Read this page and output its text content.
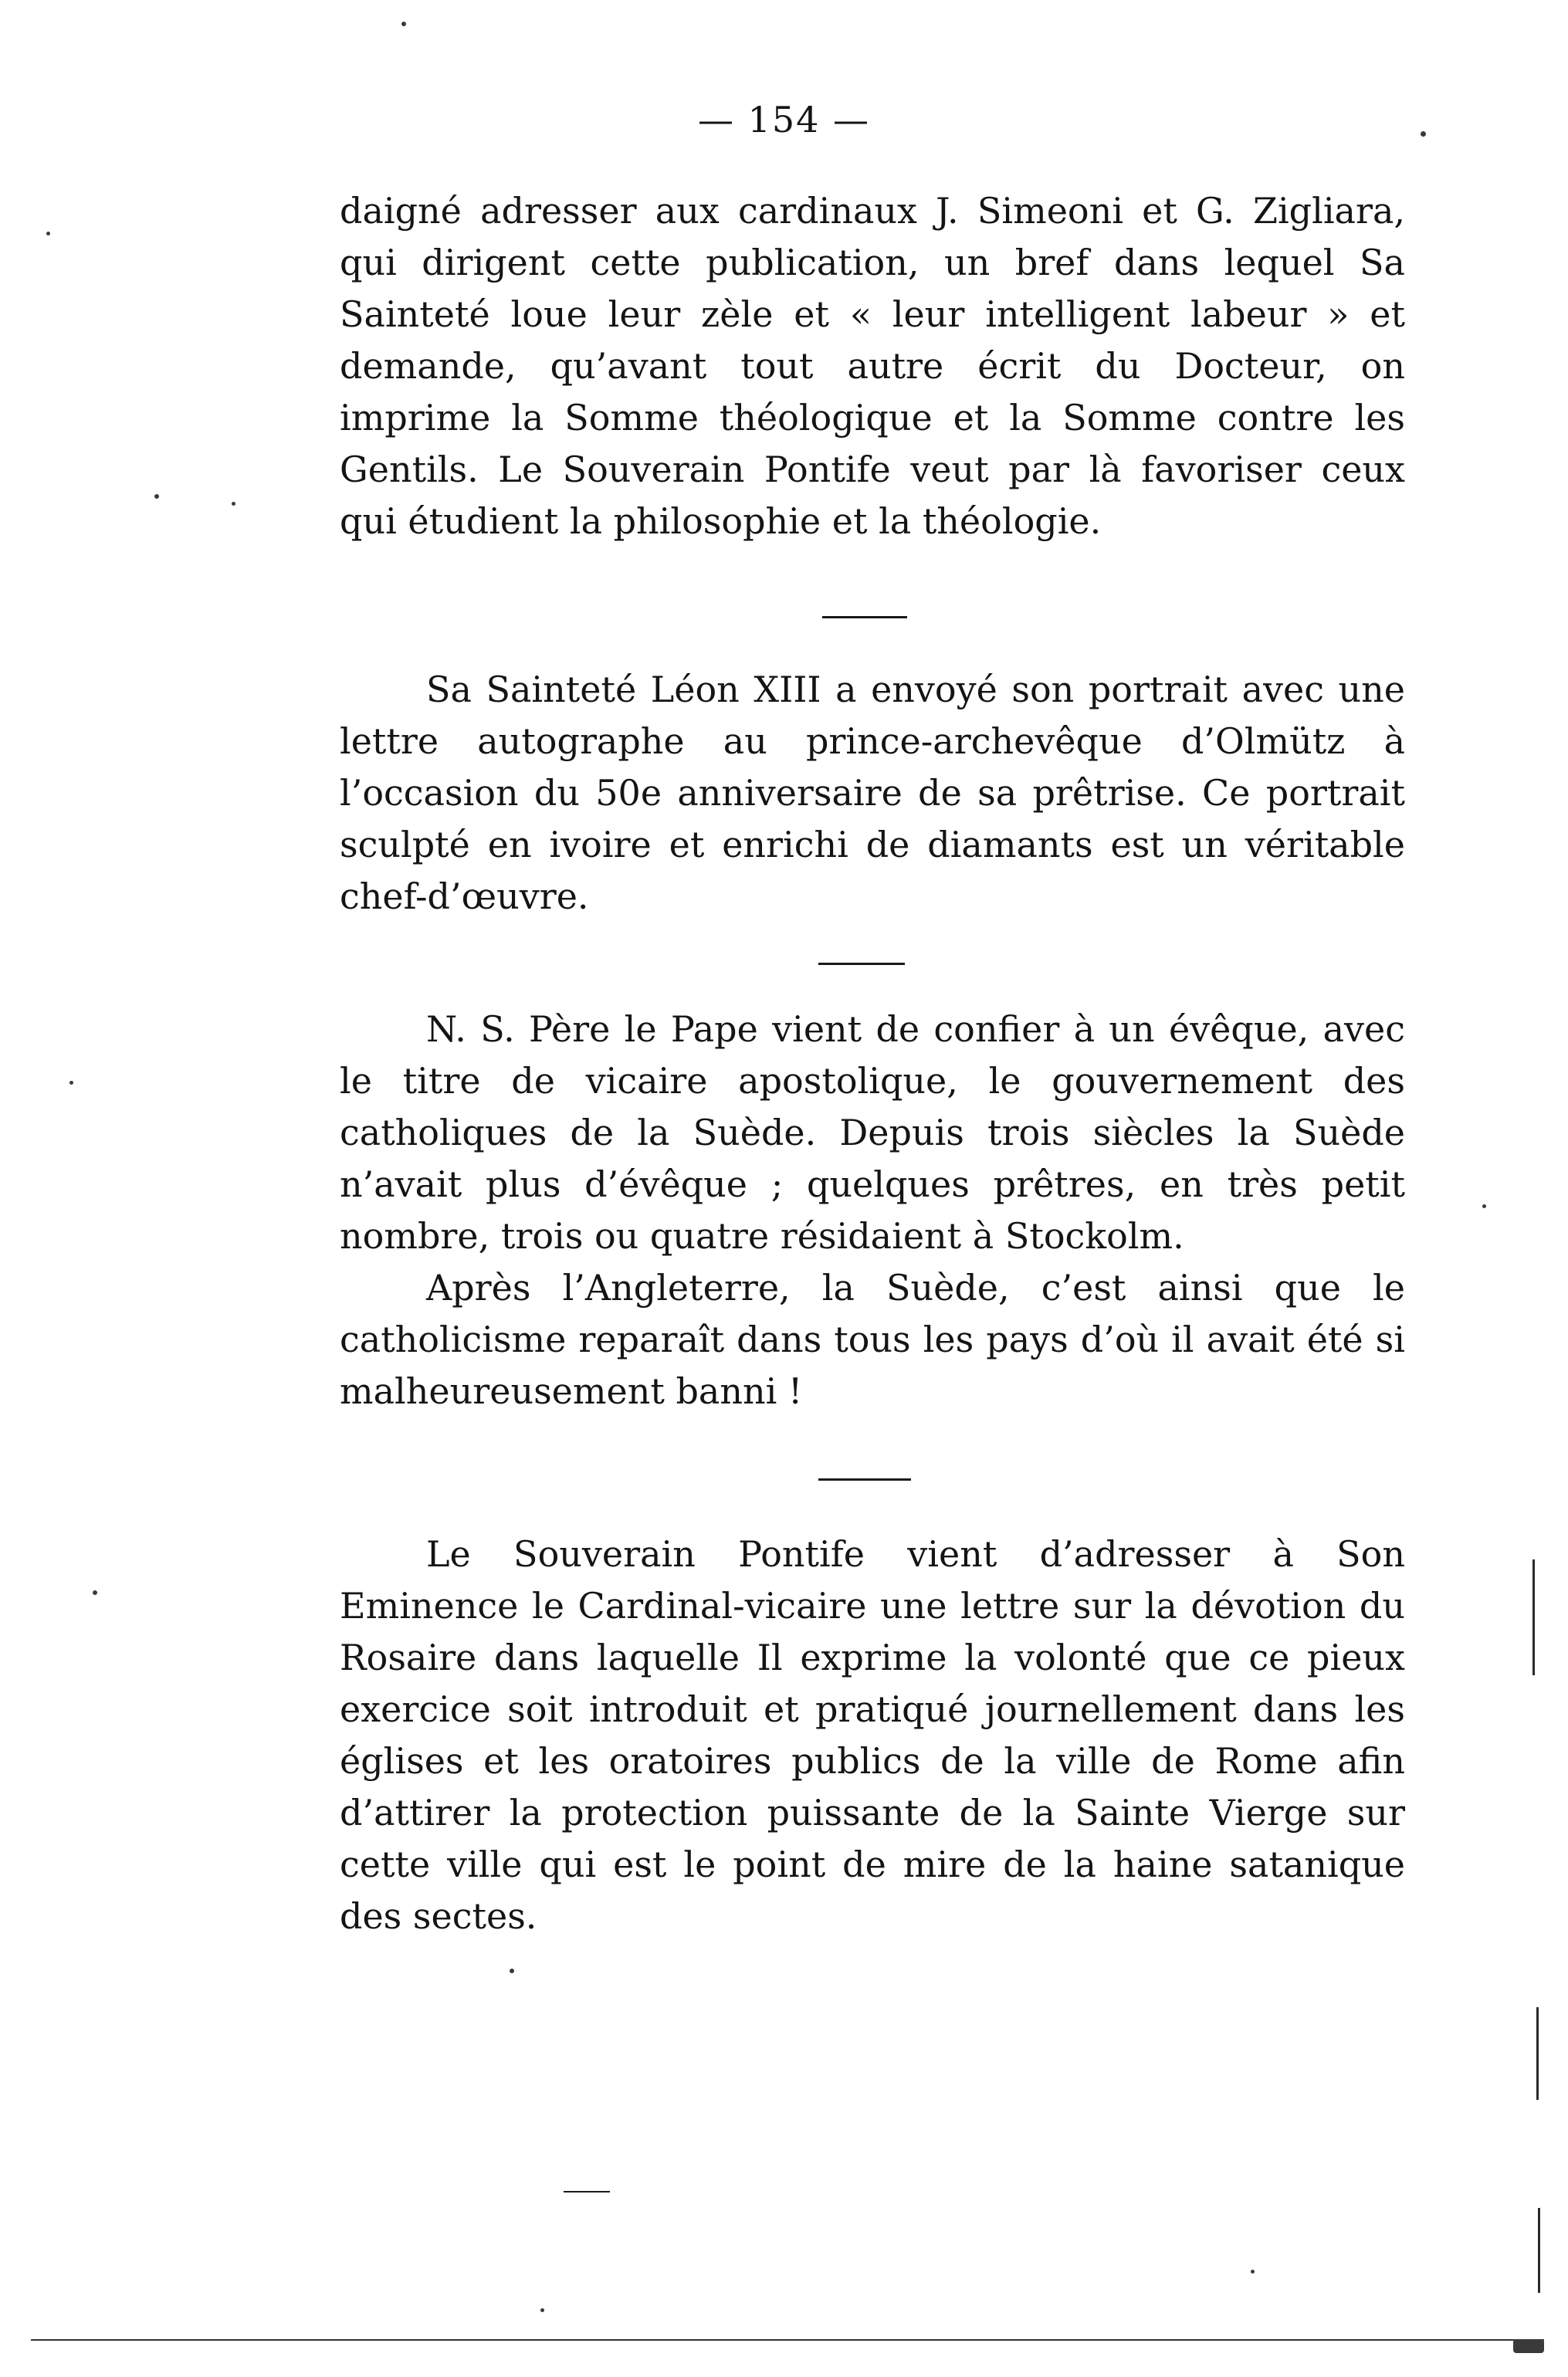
— 154 —

daigné adresser aux cardinaux J. Simeoni et G. Zigliara, qui dirigent cette publication, un bref dans lequel Sa Sainteté loue leur zèle et « leur intelligent labeur » et demande, qu’avant tout autre écrit du Docteur, on imprime la Somme théologique et la Somme contre les Gentils. Le Souverain Pontife veut par là favoriser ceux qui étudient la philosophie et la théologie.

Sa Sainteté Léon XIII a envoyé son portrait avec une lettre autographe au prince-archevêque d’Olmütz à l’occasion du 50e anniversaire de sa prêtrise. Ce portrait sculpté en ivoire et enrichi de diamants est un véritable chef-d’œuvre.

N. S. Père le Pape vient de confier à un évêque, avec le titre de vicaire apostolique, le gouvernement des catholiques de la Suède. Depuis trois siècles la Suède n’avait plus d’évêque ; quelques prêtres, en très petit nombre, trois ou quatre résidaient à Stockolm.

Après l’Angleterre, la Suède, c’est ainsi que le catholicisme reparaît dans tous les pays d’où il avait été si malheureusement banni !

Le Souverain Pontife vient d’adresser à Son Eminence le Cardinal-vicaire une lettre sur la dévotion du Rosaire dans laquelle Il exprime la volonté que ce pieux exercice soit introduit et pratiqué journellement dans les églises et les oratoires publics de la ville de Rome afin d’attirer la protection puissante de la Sainte Vierge sur cette ville qui est le point de mire de la haine satanique des sectes.
